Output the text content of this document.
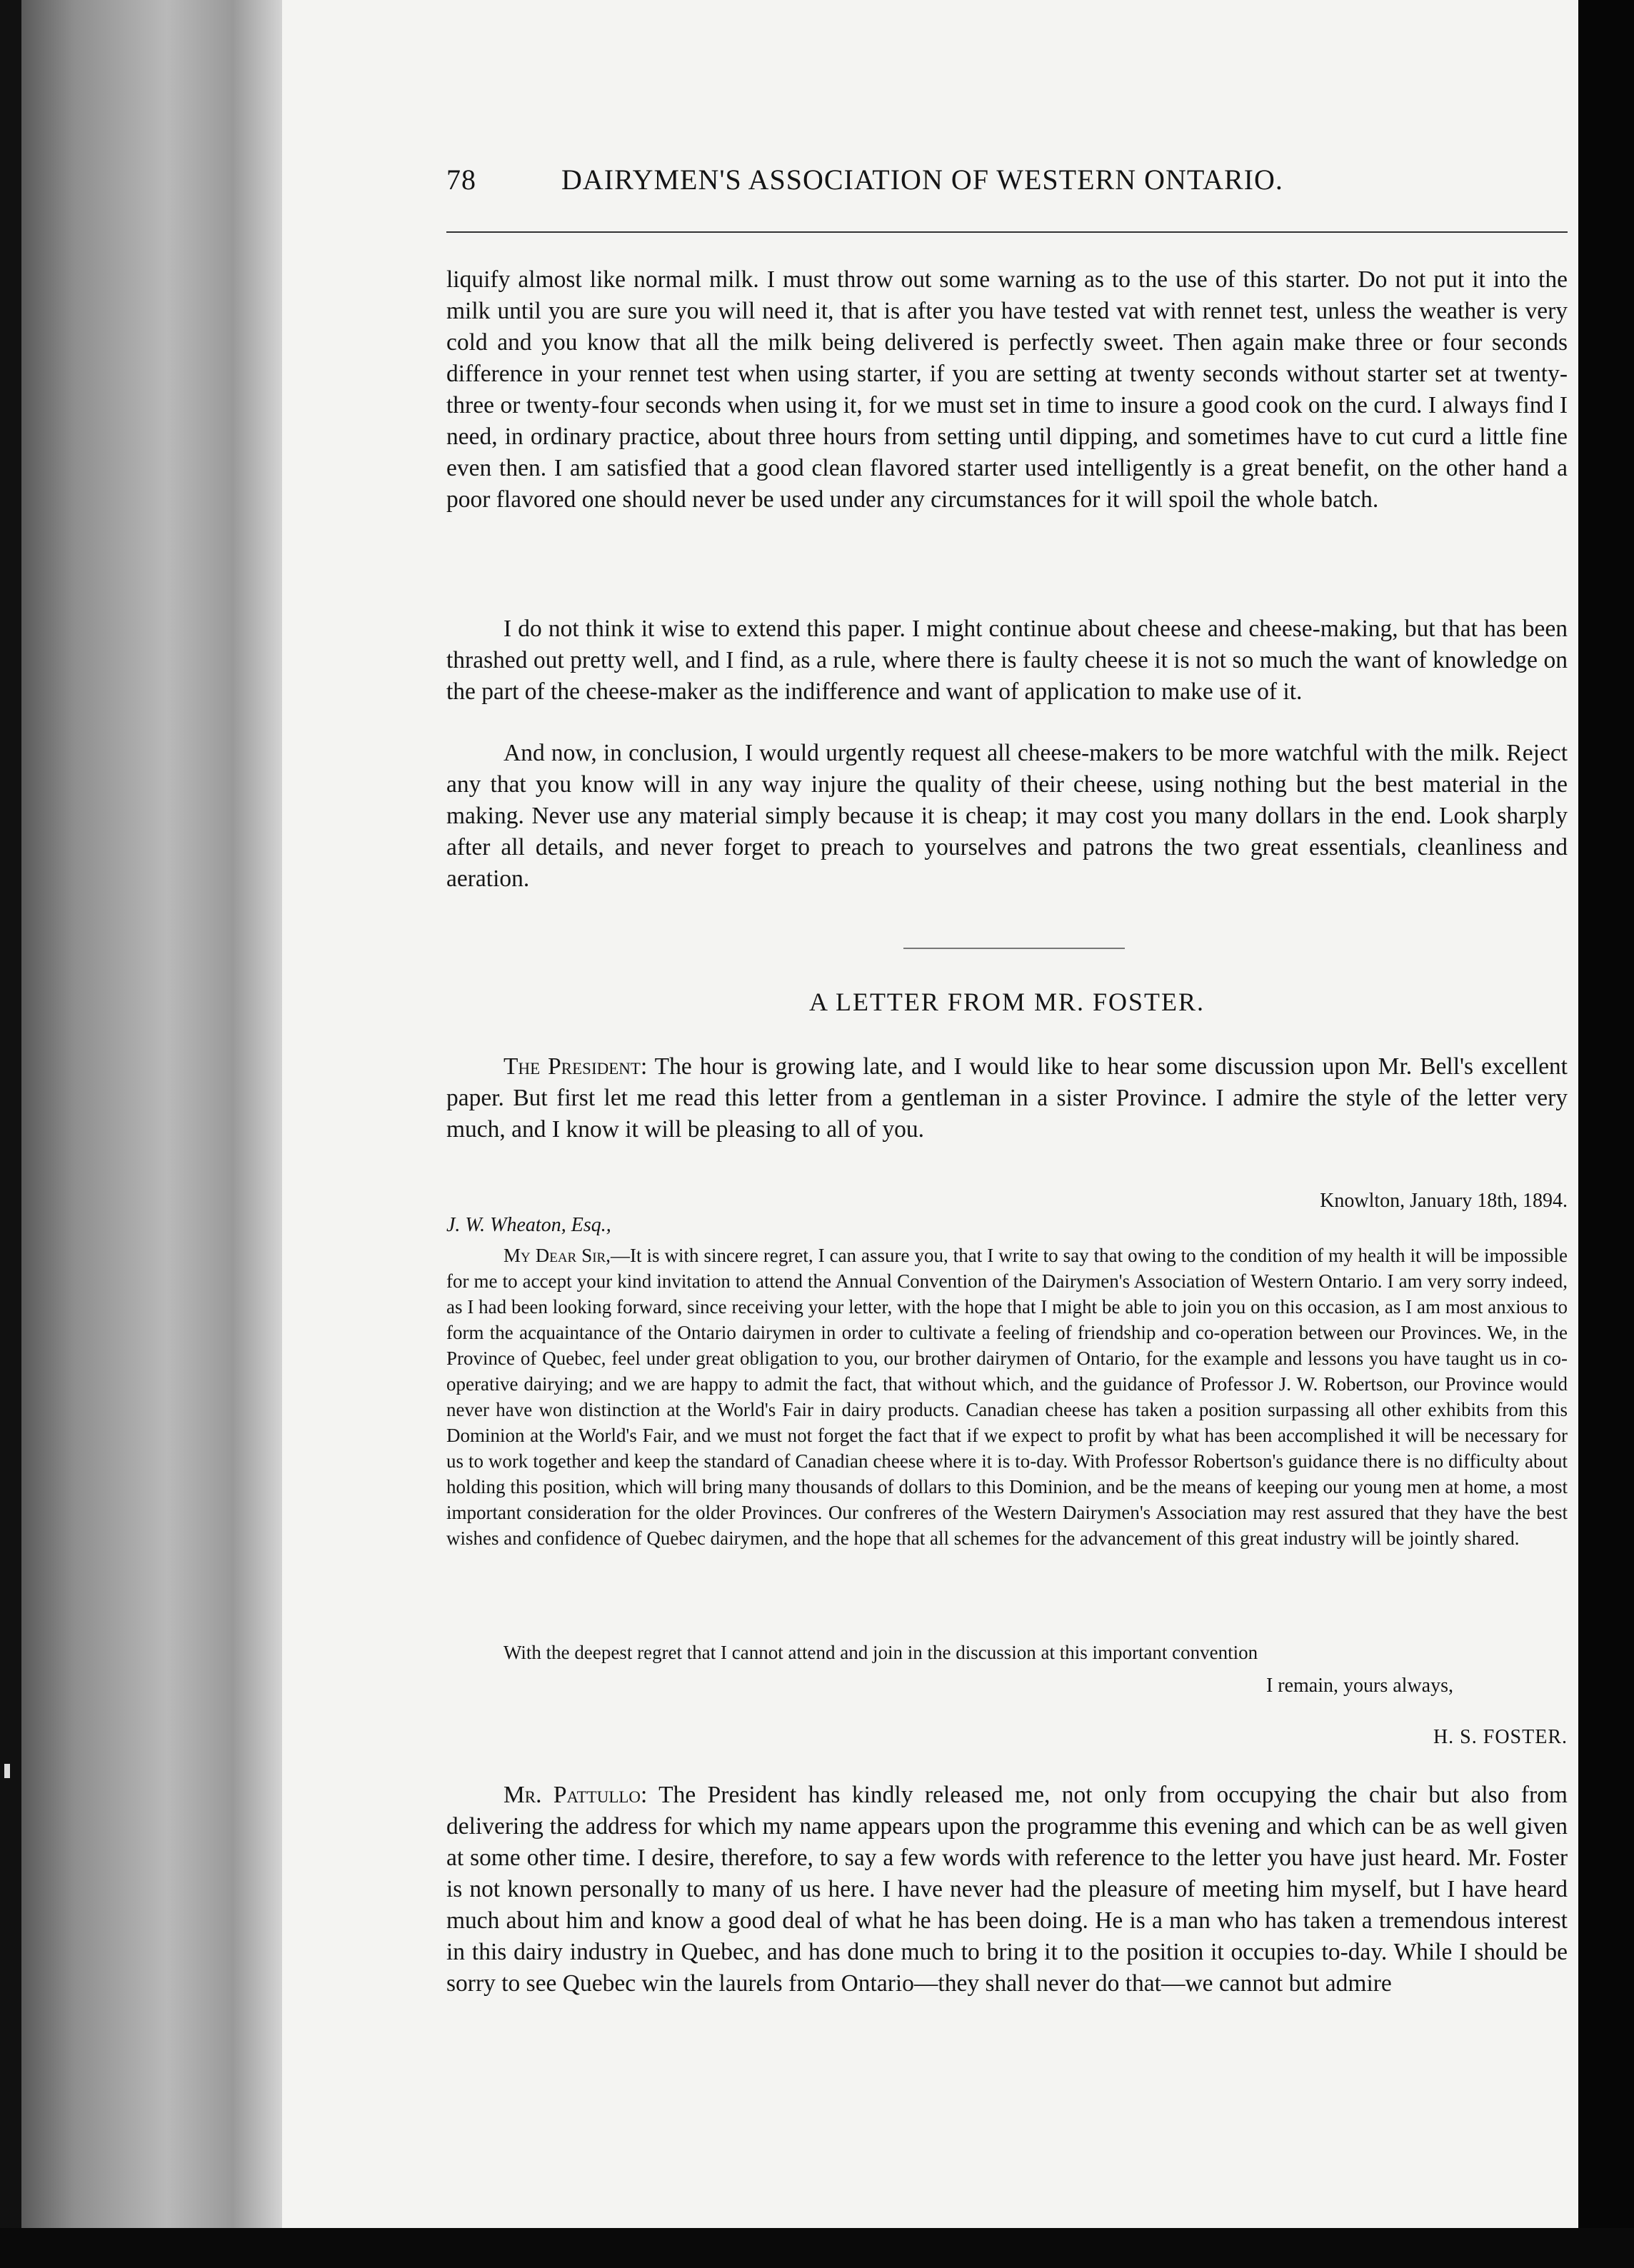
78	DAIRYMEN'S ASSOCIATION OF WESTERN ONTARIO.

liquify almost like normal milk. I must throw out some warning as to the use of this starter. Do not put it into the milk until you are sure you will need it, that is after you have tested vat with rennet test, unless the weather is very cold and you know that all the milk being delivered is perfectly sweet. Then again make three or four seconds difference in your rennet test when using starter, if you are setting at twenty seconds without starter set at twenty-three or twenty-four seconds when using it, for we must set in time to insure a good cook on the curd. I always find I need, in ordinary practice, about three hours from setting until dipping, and sometimes have to cut curd a little fine even then. I am satisfied that a good clean flavored starter used intelligently is a great benefit, on the other hand a poor flavored one should never be used under any circumstances for it will spoil the whole batch.

I do not think it wise to extend this paper. I might continue about cheese and cheese-making, but that has been thrashed out pretty well, and I find, as a rule, where there is faulty cheese it is not so much the want of knowledge on the part of the cheese-maker as the indifference and want of application to make use of it.

And now, in conclusion, I would urgently request all cheese-makers to be more watchful with the milk. Reject any that you know will in any way injure the quality of their cheese, using nothing but the best material in the making. Never use any material simply because it is cheap; it may cost you many dollars in the end. Look sharply after all details, and never forget to preach to yourselves and patrons the two great essentials, cleanliness and aeration.

A LETTER FROM MR. FOSTER.

The President: The hour is growing late, and I would like to hear some discussion upon Mr. Bell's excellent paper. But first let me read this letter from a gentleman in a sister Province. I admire the style of the letter very much, and I know it will be pleasing to all of you.

Knowlton, January 18th, 1894.
J. W. Wheaton, Esq.,

My Dear Sir,—It is with sincere regret, I can assure you, that I write to say that owing to the condition of my health it will be impossible for me to accept your kind invitation to attend the Annual Convention of the Dairymen's Association of Western Ontario. I am very sorry indeed, as I had been looking forward, since receiving your letter, with the hope that I might be able to join you on this occasion, as I am most anxious to form the acquaintance of the Ontario dairymen in order to cultivate a feeling of friendship and co-operation between our Provinces. We, in the Province of Quebec, feel under great obligation to you, our brother dairymen of Ontario, for the example and lessons you have taught us in co-operative dairying; and we are happy to admit the fact, that without which, and the guidance of Professor J. W. Robertson, our Province would never have won distinction at the World's Fair in dairy products. Canadian cheese has taken a position surpassing all other exhibits from this Dominion at the World's Fair, and we must not forget the fact that if we expect to profit by what has been accomplished it will be necessary for us to work together and keep the standard of Canadian cheese where it is to-day. With Professor Robertson's guidance there is no difficulty about holding this position, which will bring many thousands of dollars to this Dominion, and be the means of keeping our young men at home, a most important consideration for the older Provinces. Our confreres of the Western Dairymen's Association may rest assured that they have the best wishes and confidence of Quebec dairymen, and the hope that all schemes for the advancement of this great industry will be jointly shared.

With the deepest regret that I cannot attend and join in the discussion at this important convention

I remain, yours always,
H. S. FOSTER.

Mr. Pattullo: The President has kindly released me, not only from occupying the chair but also from delivering the address for which my name appears upon the programme this evening and which can be as well given at some other time. I desire, therefore, to say a few words with reference to the letter you have just heard. Mr. Foster is not known personally to many of us here. I have never had the pleasure of meeting him myself, but I have heard much about him and know a good deal of what he has been doing. He is a man who has taken a tremendous interest in this dairy industry in Quebec, and has done much to bring it to the position it occupies to-day. While I should be sorry to see Quebec win the laurels from Ontario—they shall never do that—we cannot but admire
